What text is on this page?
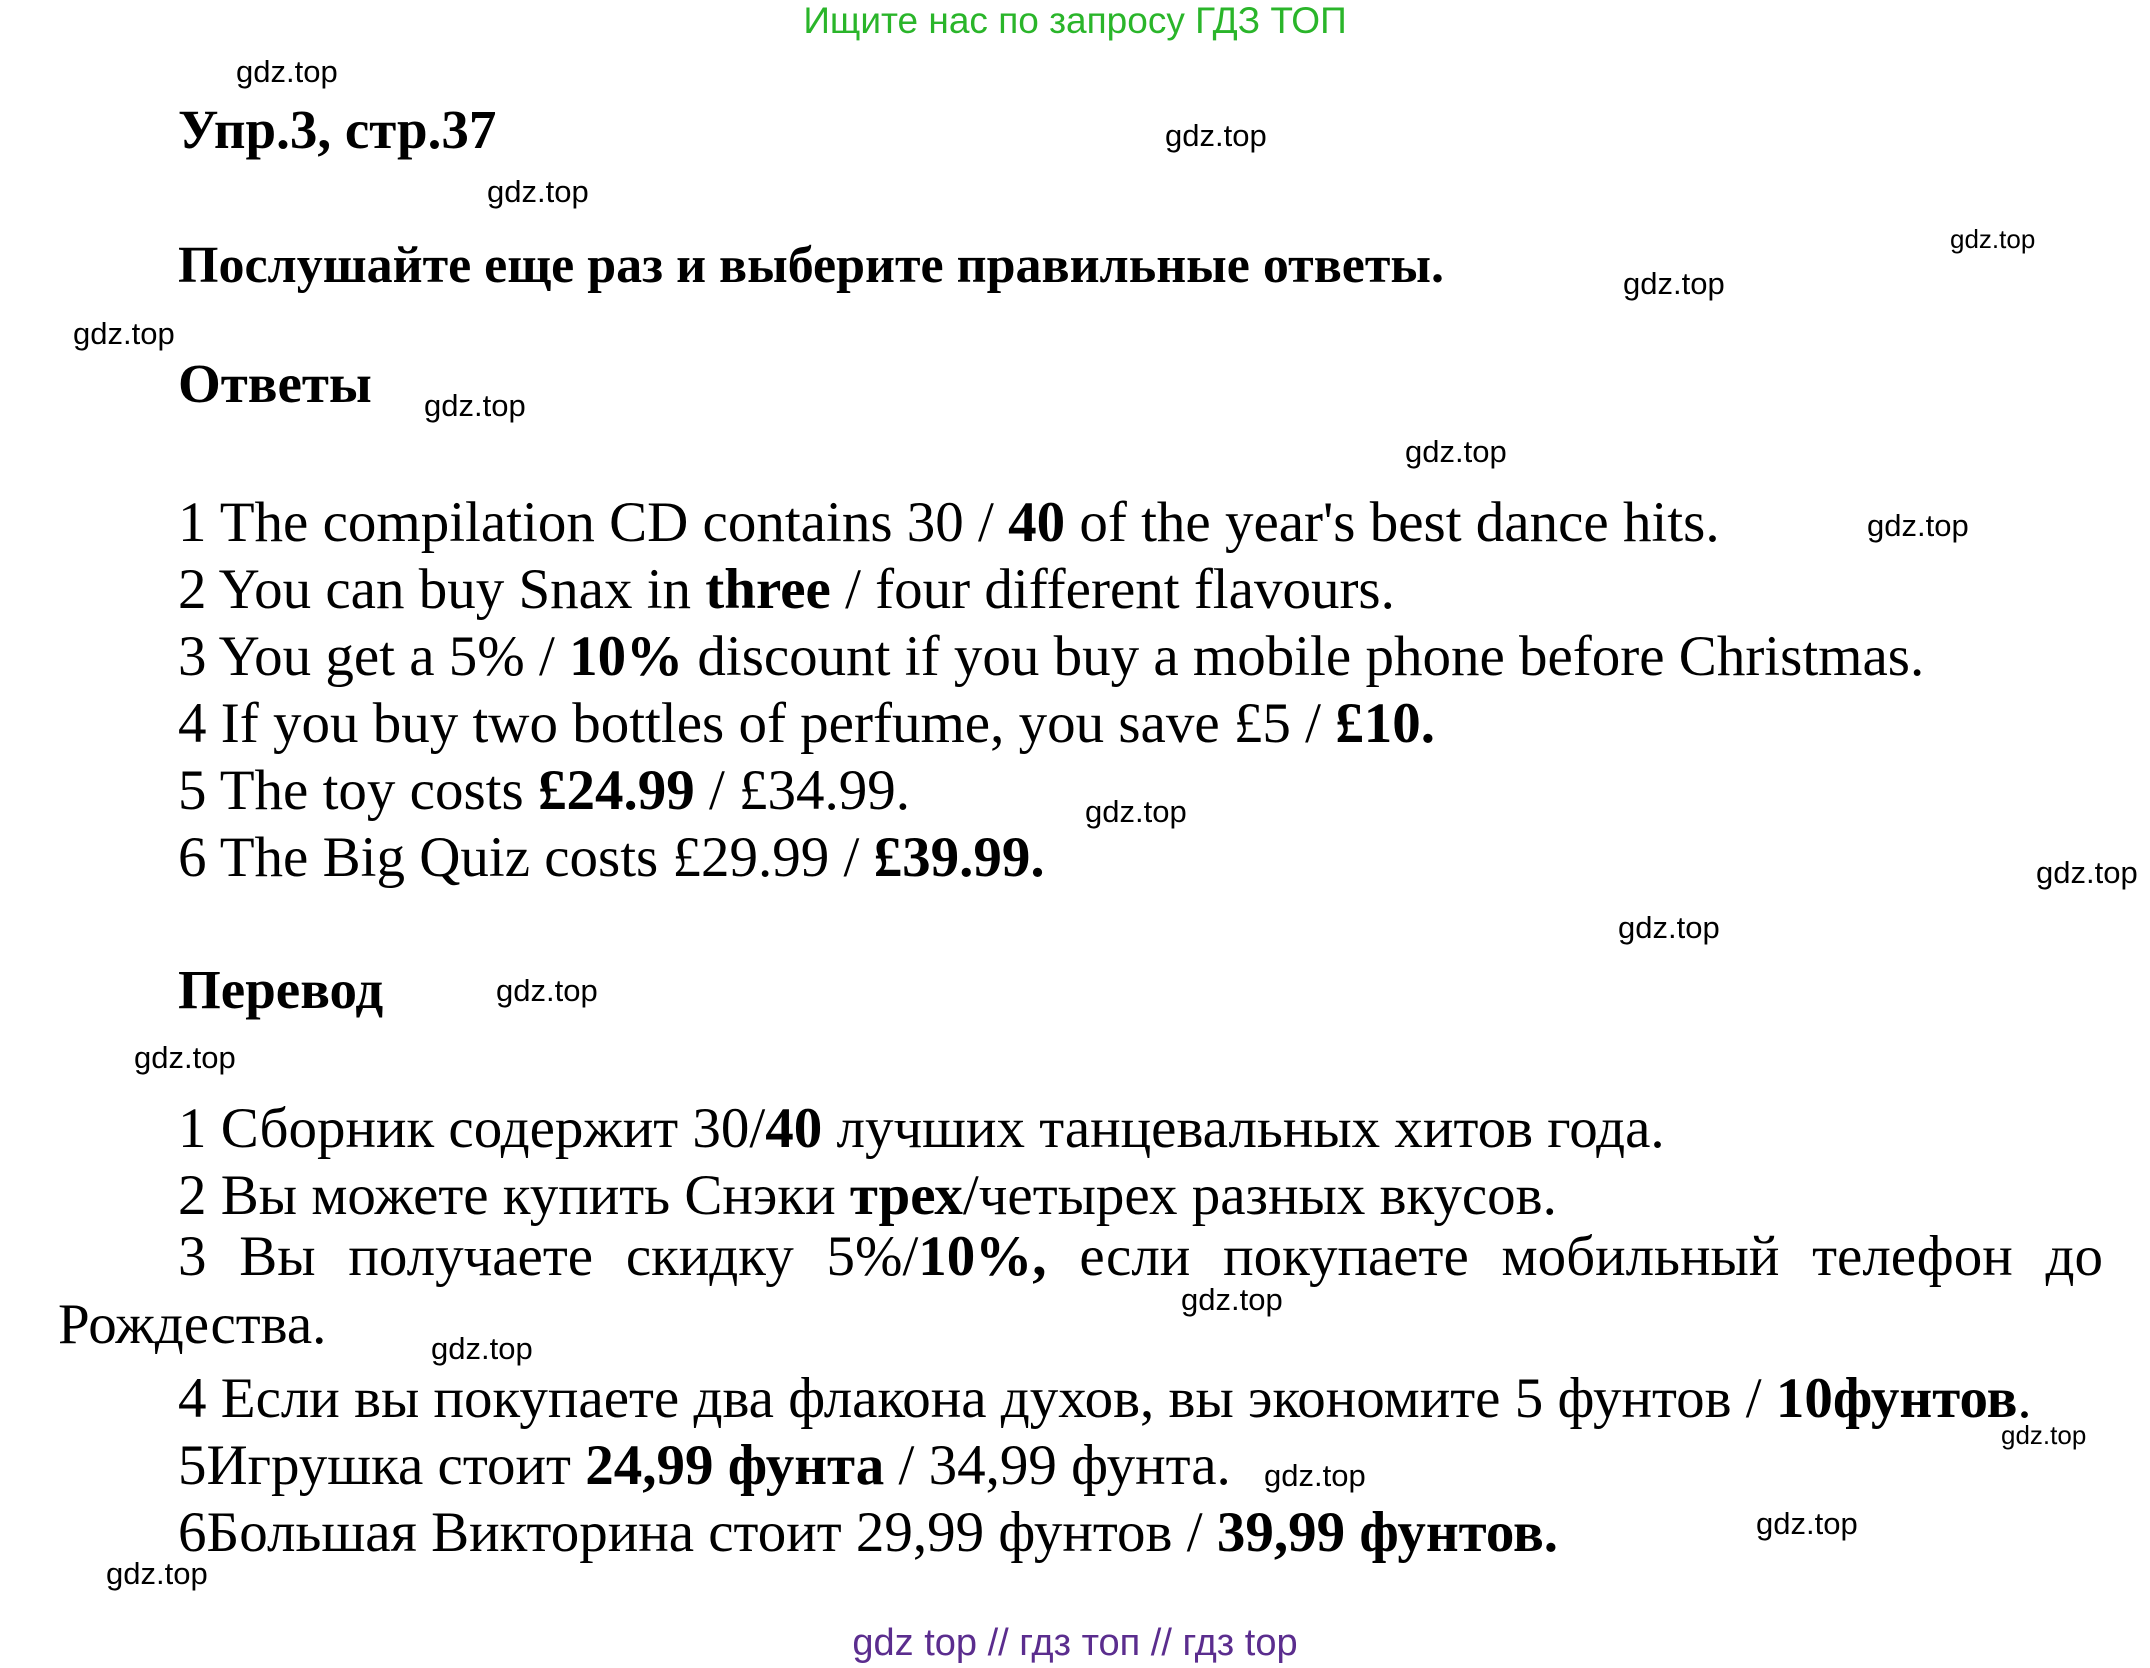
Ищите нас по запросу ГДЗ ТОП
Упр.3, стр.37
Послушайте еще раз и выберите правильные ответы.
Ответы
1 The compilation CD contains 30 / 40 of the year's best dance hits.
2 You can buy Snax in three / four different flavours.
3 You get a 5% / 10% discount if you buy a mobile phone before Christmas.
4 If you buy two bottles of perfume, you save £5 / £10.
5 The toy costs £24.99 / £34.99.
6 The Big Quiz costs £29.99 / £39.99.
Перевод
1 Сборник содержит 30/40 лучших танцевальных хитов года.
2 Вы можете купить Снэки трех/четырех разных вкусов.
3 Вы получаете скидку 5%/10%, если покупаете мобильный телефон до Рождества.
4 Если вы покупаете два флакона духов, вы экономите 5 фунтов / 10фунтов.
5Игрушка стоит 24,99 фунта / 34,99 фунта.
6Большая Викторина стоит 29,99 фунтов / 39,99 фунтов.
gdz.top
gdz.top
gdz.top
gdz.top
gdz.top
gdz.top
gdz.top
gdz.top
gdz.top
gdz.top
gdz.top
gdz.top
gdz.top
gdz.top
gdz.top
gdz.top
gdz.top
gdz.top
gdz.top
gdz.top
gdz top // гдз топ // гдз top
